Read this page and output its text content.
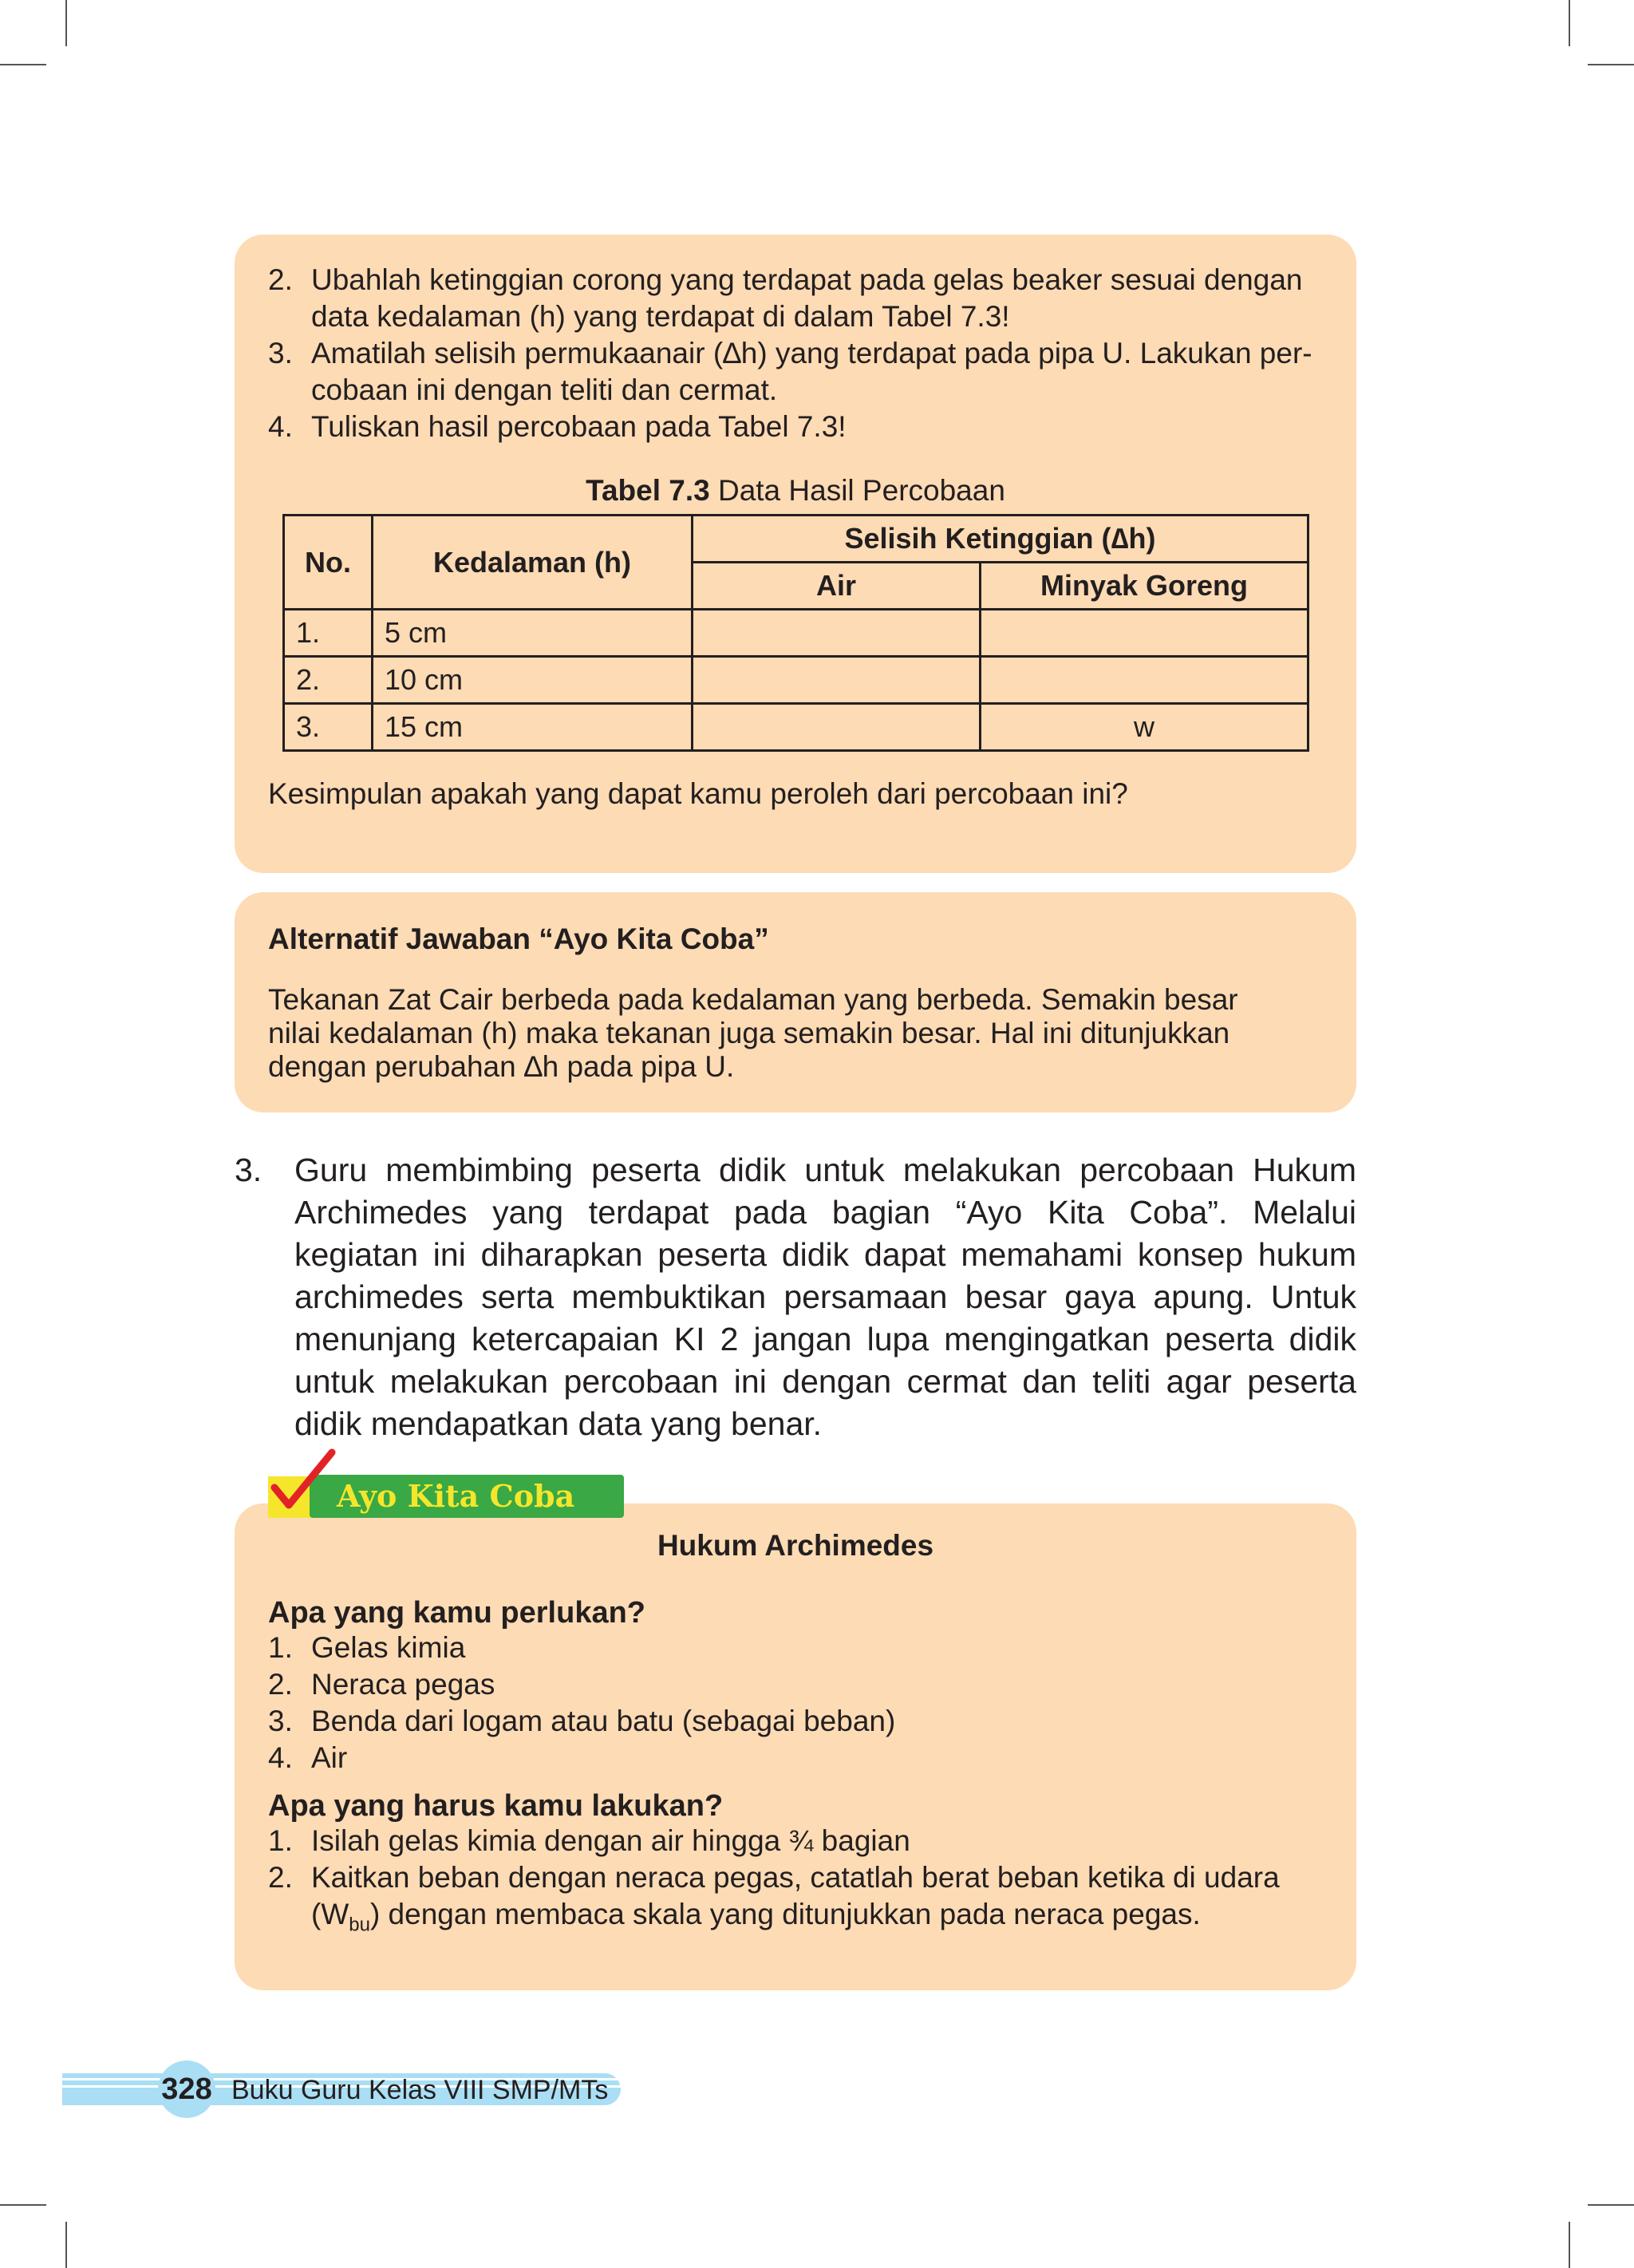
2. Ubahlah ketinggian corong yang terdapat pada gelas beaker sesuai dengan data kedalaman (h) yang terdapat di dalam Tabel 7.3!
3. Amatilah selisih permukaanair (∆h) yang terdapat pada pipa U. Lakukan per-cobaan ini dengan teliti dan cermat.
4. Tuliskan hasil percobaan pada Tabel 7.3!
Tabel 7.3 Data Hasil Percobaan
No.	Kedalaman (h)	Selisih Ketinggian (∆h)	
		Air	Minyak Goreng
1.	5 cm		
2.	10 cm		
3.	15 cm		w
Kesimpulan apakah yang dapat kamu peroleh dari percobaan ini?
Alternatif Jawaban “Ayo Kita Coba”
Tekanan Zat Cair berbeda pada kedalaman yang berbeda. Semakin besar nilai kedalaman (h) maka tekanan juga semakin besar. Hal ini ditunjukkan dengan perubahan ∆h pada pipa U.
3. Guru membimbing peserta didik untuk melakukan percobaan Hukum Archimedes yang terdapat pada bagian “Ayo Kita Coba”. Melalui kegiatan ini diharapkan peserta didik dapat memahami konsep hukum archimedes serta membuktikan persamaan besar gaya apung. Untuk menunjang ketercapaian KI 2 jangan lupa mengingatkan peserta didik untuk melakukan percobaan ini dengan cermat dan teliti agar peserta didik mendapatkan data yang benar.
Hukum Archimedes
Apa yang kamu perlukan?
1. Gelas kimia
2. Neraca pegas
3. Benda dari logam atau batu (sebagai beban)
4. Air
Apa yang harus kamu lakukan?
1. Isilah gelas kimia dengan air hingga ¾ bagian
2. Kaitkan beban dengan neraca pegas, catatlah berat beban ketika di udara $(W_{bu})$ dengan membaca skala yang ditunjukkan pada neraca pegas.
Ayo Kita Coba
328 Buku Guru Kelas VIII SMP/MTs
